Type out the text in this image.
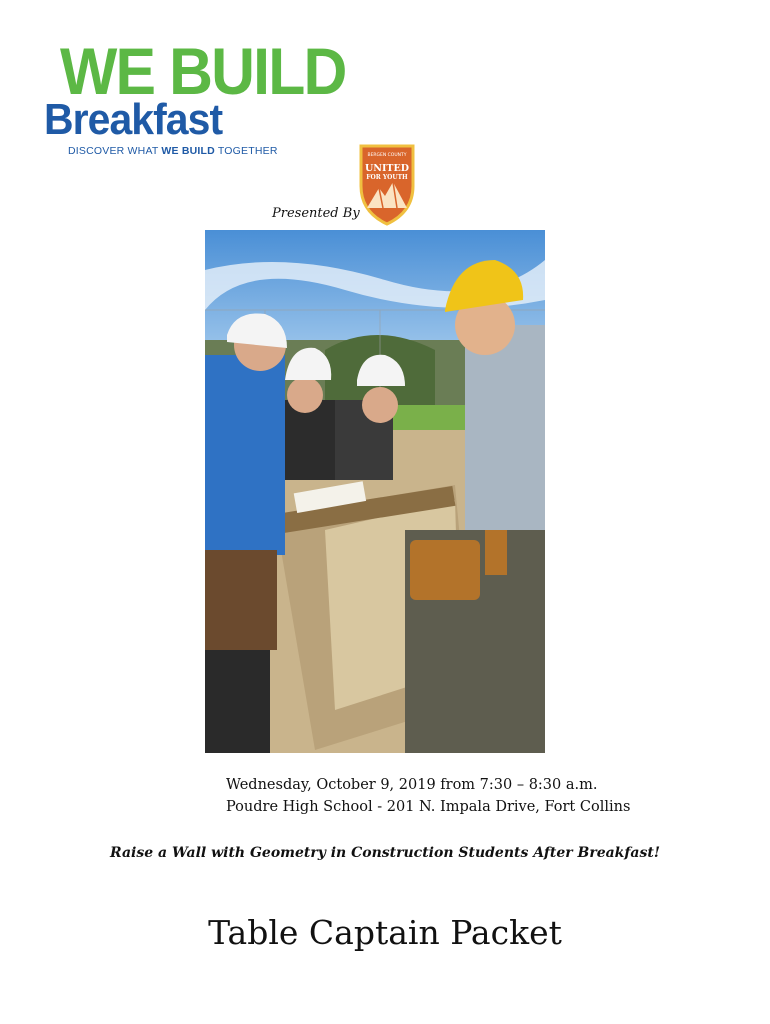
WE BUILD
Breakfast
DISCOVER WHAT WE BUILD TOGETHER	BERGEN COUNTY
UNITED
FOR YOUTH
Presented By
Wednesday, October 9, 2019 from 7:30 – 8:30 a.m.
Poudre High School - 201 N. Impala Drive, Fort Collins
Raise a Wall with Geometry in Construction Students After Breakfast!
Table Captain Packet
